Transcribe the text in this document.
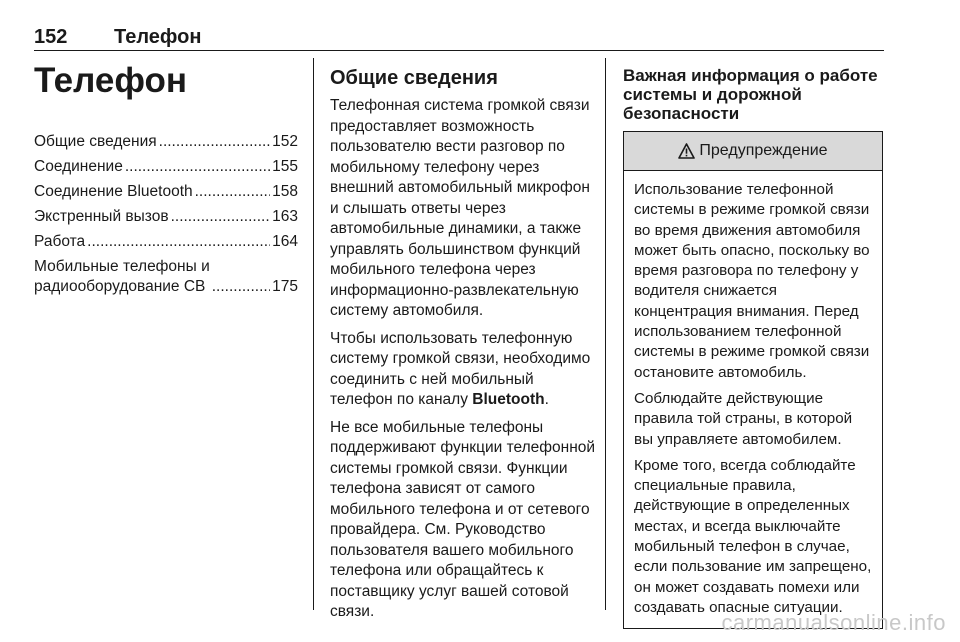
152 Телефон
Телефон
Общие сведения .....	152
Соединение .....	155
Соединение Bluetooth .....	158
Экстренный вызов .....	163
Работа .....	164
Мобильные телефоны и
радиооборудование CB .....	175
Общие сведения

Телефонная система громкой связи предоставляет возможность пользователю вести разговор по мобильному телефону через внешний автомобильный микрофон и слышать ответы через автомобильные динамики, а также управлять большинством функций мобильного телефона через информационно-развлекательную систему автомобиля.

Чтобы использовать телефонную систему громкой связи, необходимо соединить с ней мобильный телефон по каналу Bluetooth.

Не все мобильные телефоны поддерживают функции телефонной системы громкой связи. Функции телефона зависят от самого мобильного телефона и от сетевого провайдера. См. Руководство пользователя вашего мобильного телефона или обращайтесь к поставщику услуг вашей сотовой связи.

Важная информация о работе системы и дорожной безопасности
Предупреждение

Использование телефонной системы в режиме громкой связи во время движения автомобиля может быть опасно, поскольку во время разговора по телефону у водителя снижается концентрация внимания. Перед использованием телефонной системы в режиме громкой связи остановите автомобиль.

Соблюдайте действующие правила той страны, в которой вы управляете автомобилем.

Кроме того, всегда соблюдайте специальные правила, действующие в определенных местах, и всегда выключайте мобильный телефон в случае, если пользование им запрещено, он может создавать помехи или создавать опасные ситуации.

carmanualsonline.info
